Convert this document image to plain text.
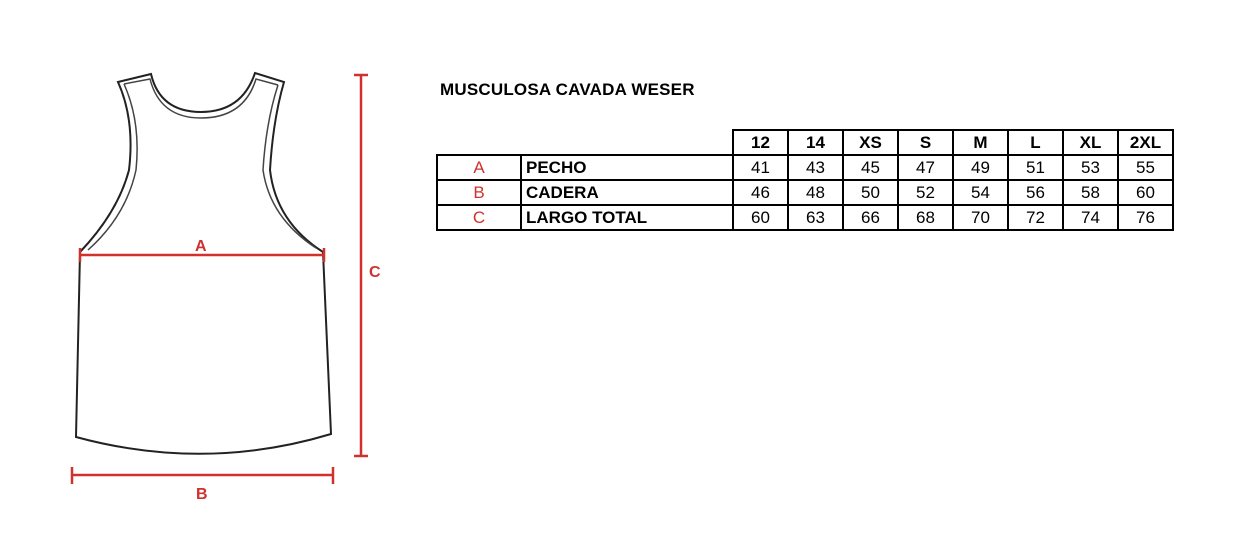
A
B
C
MUSCULOSA CAVADA WESER
		12	14	XS	S	M	L	XL	2XL
A	PECHO	41	43	45	47	49	51	53	55
B	CADERA	46	48	50	52	54	56	58	60
C	LARGO TOTAL	60	63	66	68	70	72	74	76
